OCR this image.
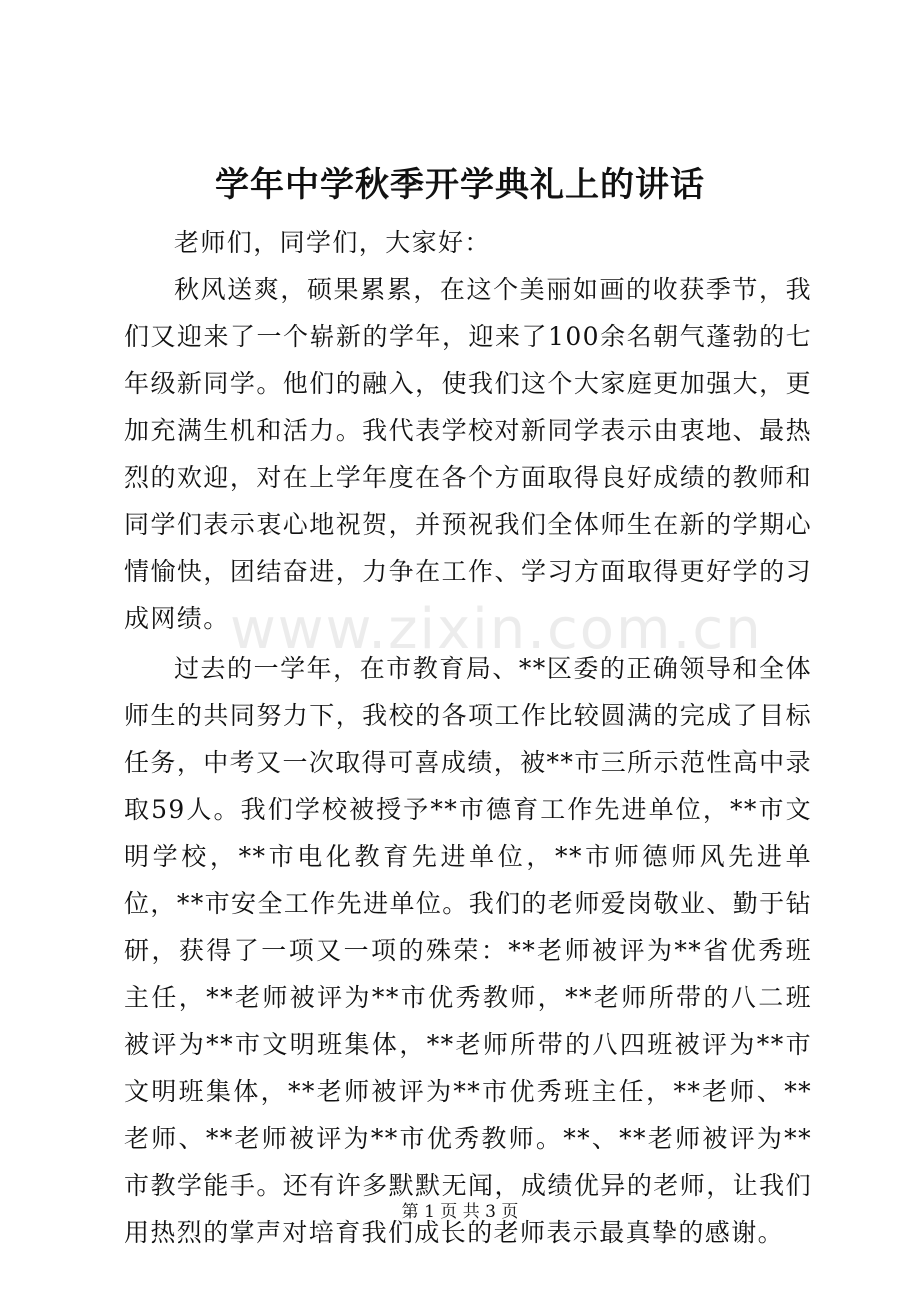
学年中学秋季开学典礼上的讲话

老师们，同学们，大家好：

秋风送爽，硕果累累，在这个美丽如画的收获季节，我们又迎来了一个崭新的学年，迎来了100余名朝气蓬勃的七年级新同学。他们的融入，使我们这个大家庭更加强大，更加充满生机和活力。我代表学校对新同学表示由衷地、最热烈的欢迎，对在上学年度在各个方面取得良好成绩的教师和同学们表示衷心地祝贺，并预祝我们全体师生在新的学期心情愉快，团结奋进，力争在工作、学习方面取得更好学的习成网绩。

过去的一学年，在市教育局、**区委的正确领导和全体师生的共同努力下，我校的各项工作比较圆满的完成了目标任务，中考又一次取得可喜成绩，被**市三所示范性高中录取59人。我们学校被授予**市德育工作先进单位，**市文明学校，**市电化教育先进单位，**市师德师风先进单位，**市安全工作先进单位。我们的老师爱岗敬业、勤于钻研，获得了一项又一项的殊荣：**老师被评为**省优秀班主任，**老师被评为**市优秀教师，**老师所带的八二班被评为**市文明班集体，**老师所带的八四班被评为**市文明班集体，**老师被评为**市优秀班主任，**老师、**老师、**老师被评为**市优秀教师。**、**老师被评为**市教学能手。还有许多默默无闻，成绩优异的老师，让我们用热烈的掌声对培育我们成长的老师表示最真挚的感谢。

www.zixin.com.cn
第 1 页 共 3 页
